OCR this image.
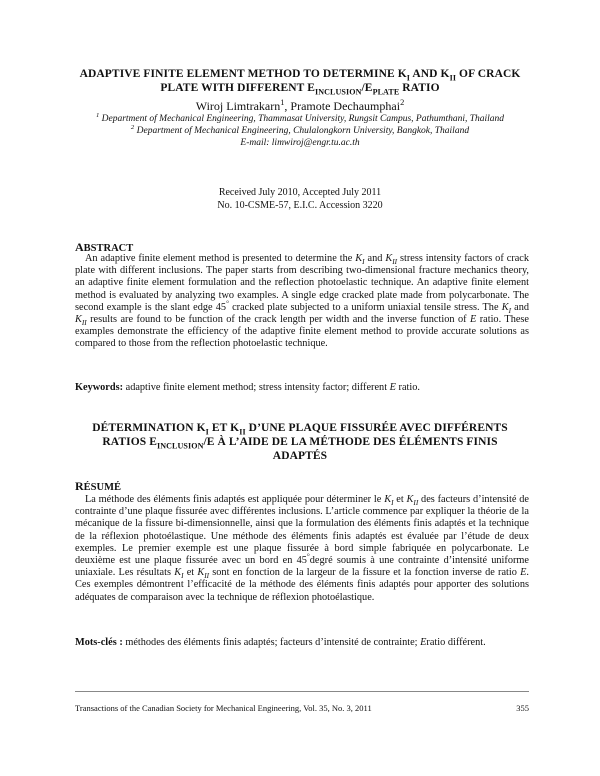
ADAPTIVE FINITE ELEMENT METHOD TO DETERMINE $K_I$ AND $K_{II}$ OF CRACK
PLATE WITH DIFFERENT $E_{INCLUSION}/E_{PLATE}$ RATIO
Wiroj Limtrakarn$^1$, Pramote Dechaumphai$^2$
$^1$ Department of Mechanical Engineering, Thammasat University, Rungsit Campus, Pathumthani, Thailand
$^2$ Department of Mechanical Engineering, Chulalongkorn University, Bangkok, Thailand
E-mail: limwiroj@engr.tu.ac.th
Received July 2010, Accepted July 2011
No. 10-CSME-57, E.I.C. Accession 3220
ABSTRACT

An adaptive finite element method is presented to determine the $K_I$ and $K_{II}$ stress intensity factors of crack plate with different inclusions. The paper starts from describing two-dimensional fracture mechanics theory, an adaptive finite element formulation and the reflection photoelastic technique. An adaptive finite element method is evaluated by analyzing two examples. A single edge cracked plate made from polycarbonate. The second example is the slant edge 45° cracked plate subjected to a uniform uniaxial tensile stress. The $K_I$ and $K_{II}$ results are found to be function of the crack length per width and the inverse function of E ratio. These examples demonstrate the efficiency of the adaptive finite element method to provide accurate solutions as compared to those from the reflection photoelastic technique.

Keywords: adaptive finite element method; stress intensity factor; different E ratio.
DÉTERMINATION $K_I$ ET $K_{II}$ D’UNE PLAQUE FISSURÉE AVEC DIFFÉRENTS
RATIOS $E_{INCLUSION}/E$ À L’AIDE DE LA MÉTHODE DES ÉLÉMENTS FINIS
ADAPTÉS
RÉSUMÉ

La méthode des éléments finis adaptés est appliquée pour déterminer le $K_I$ et $K_{II}$ des facteurs d’intensité de contrainte d’une plaque fissurée avec différentes inclusions. L’article commence par expliquer la théorie de la mécanique de la fissure bi-dimensionnelle, ainsi que la formulation des éléments finis adaptés et la technique de la réflexion photoélastique. Une méthode des éléments finis adaptés est évaluée par l’étude de deux exemples. Le premier exemple est une plaque fissurée à bord simple fabriquée en polycarbonate. Le deuxième est une plaque fissurée avec un bord en 45°degré soumis à une contrainte d’intensité uniforme uniaxiale. Les résultats $K_I$ et $K_{II}$ sont en fonction de la largeur de la fissure et la fonction inverse de ratio E. Ces exemples démontrent l’efficacité de la méthode des éléments finis adaptés pour apporter des solutions adéquates de comparaison avec la technique de réflexion photoélastique.

Mots-clés : méthodes des éléments finis adaptés; facteurs d’intensité de contrainte; Eratio différent.
Transactions of the Canadian Society for Mechanical Engineering, Vol. 35, No. 3, 2011	355
